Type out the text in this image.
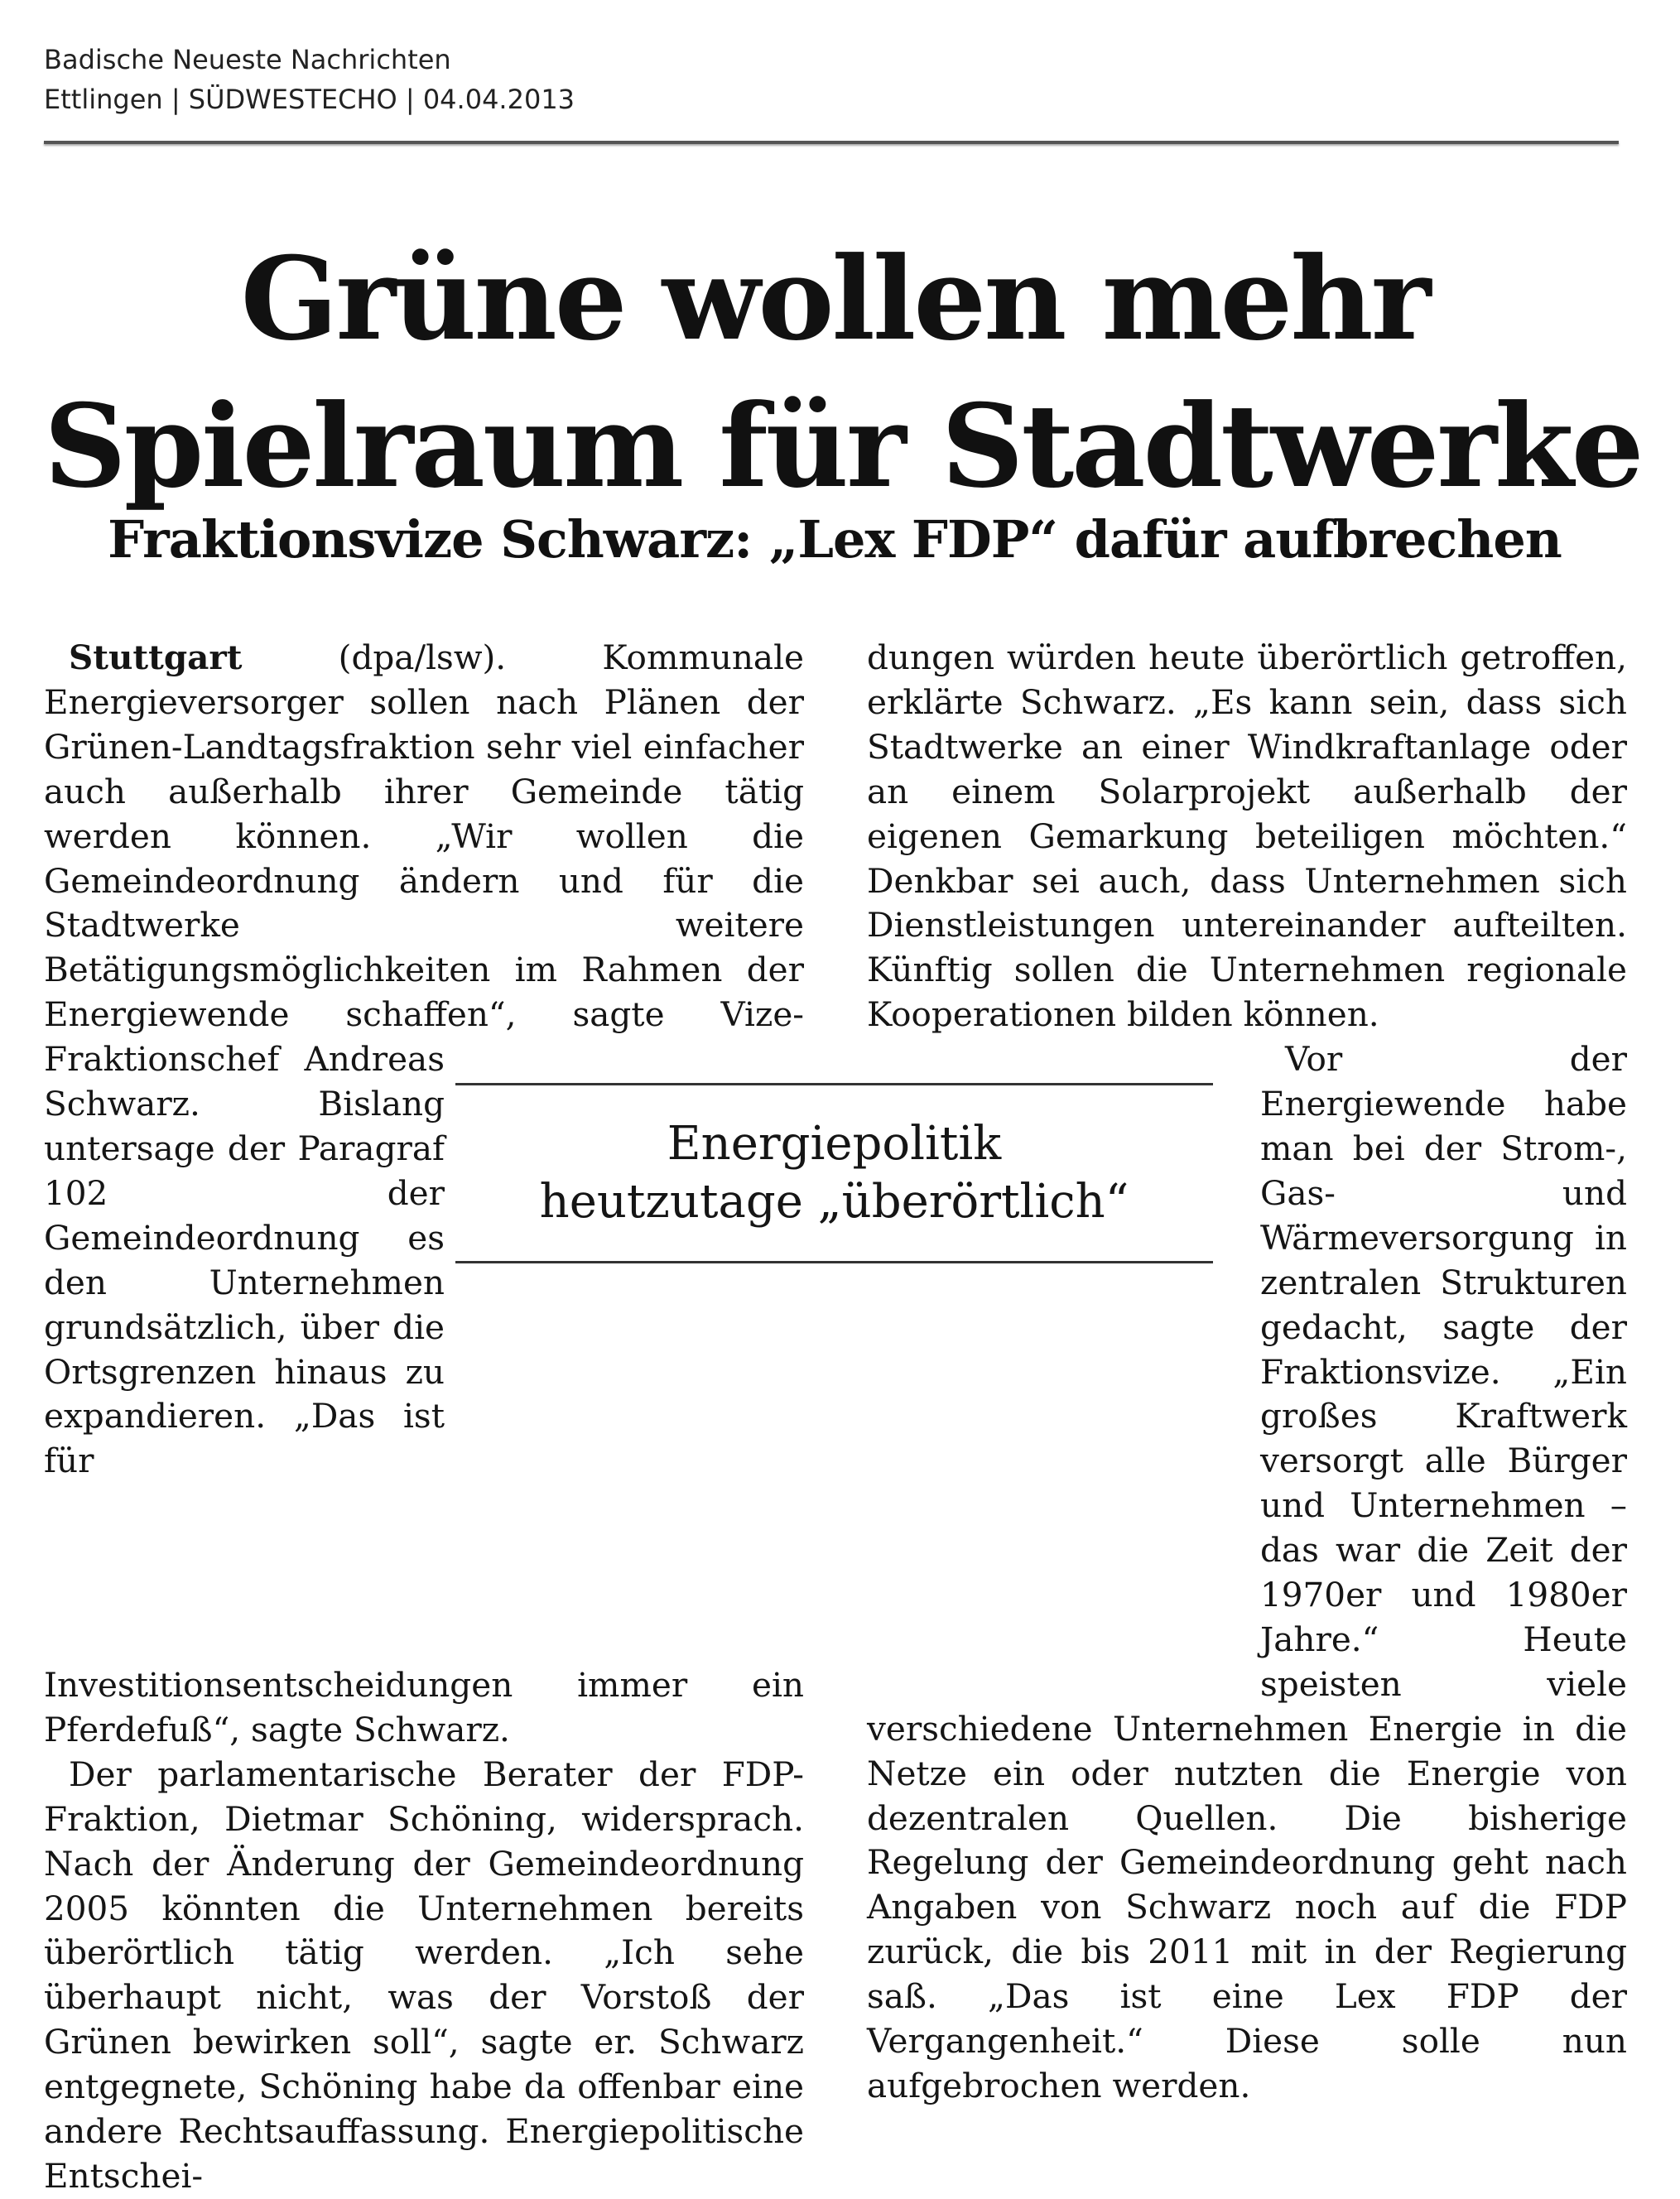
Badische Neueste Nachrichten
Ettlingen | SÜDWESTECHO | 04.04.2013
Grüne wollen mehr
Spielraum für Stadtwerke
Fraktionsvize Schwarz: „Lex FDP“ dafür aufbrechen

Stuttgart (dpa/lsw). Kommunale Energieversorger sollen nach Plänen der Grünen-Landtagsfraktion sehr viel einfacher auch außerhalb ihrer Gemeinde tätig werden können. „Wir wollen die Gemeindeordnung ändern und für die Stadtwerke weitere Betätigungsmöglichkeiten im Rahmen der Energiewende schaffen“, sagte Vize-Fraktionschef Andreas Schwarz. Bislang untersage der Paragraf 102 der Gemeindeordnung es den Unternehmen grundsätzlich, über die Ortsgrenzen hinaus zu expandieren. „Das ist für Investitionsentscheidungen immer ein Pferdefuß“, sagte Schwarz.

Der parlamentarische Berater der FDP-Fraktion, Dietmar Schöning, widersprach. Nach der Änderung der Gemeindeordnung 2005 könnten die Unternehmen bereits überörtlich tätig werden. „Ich sehe überhaupt nicht, was der Vorstoß der Grünen bewirken soll“, sagte er. Schwarz entgegnete, Schöning habe da offenbar eine andere Rechtsauffassung. Energiepolitische Entschei-

dungen würden heute überörtlich getroffen, erklärte Schwarz. „Es kann sein, dass sich Stadtwerke an einer Windkraftanlage oder an einem Solarprojekt außerhalb der eigenen Gemarkung beteiligen möchten.“ Denkbar sei auch, dass Unternehmen sich Dienstleistungen untereinander aufteilten. Künftig sollen die Unternehmen regionale Kooperationen bilden können.

Vor der Energiewende habe man bei der Strom-, Gas- und Wärmeversorgung in zentralen Strukturen gedacht, sagte der Fraktionsvize. „Ein großes Kraftwerk versorgt alle Bürger und Unternehmen – das war die Zeit der 1970er und 1980er Jahre.“ Heute speisten viele verschiedene Unternehmen Energie in die Netze ein oder nutzten die Energie von dezentralen Quellen. Die bisherige Regelung der Gemeindeordnung geht nach Angaben von Schwarz noch auf die FDP zurück, die bis 2011 mit in der Regierung saß. „Das ist eine Lex FDP der Vergangenheit.“ Diese solle nun aufgebrochen werden.

Energiepolitik
heutzutage „überörtlich“
